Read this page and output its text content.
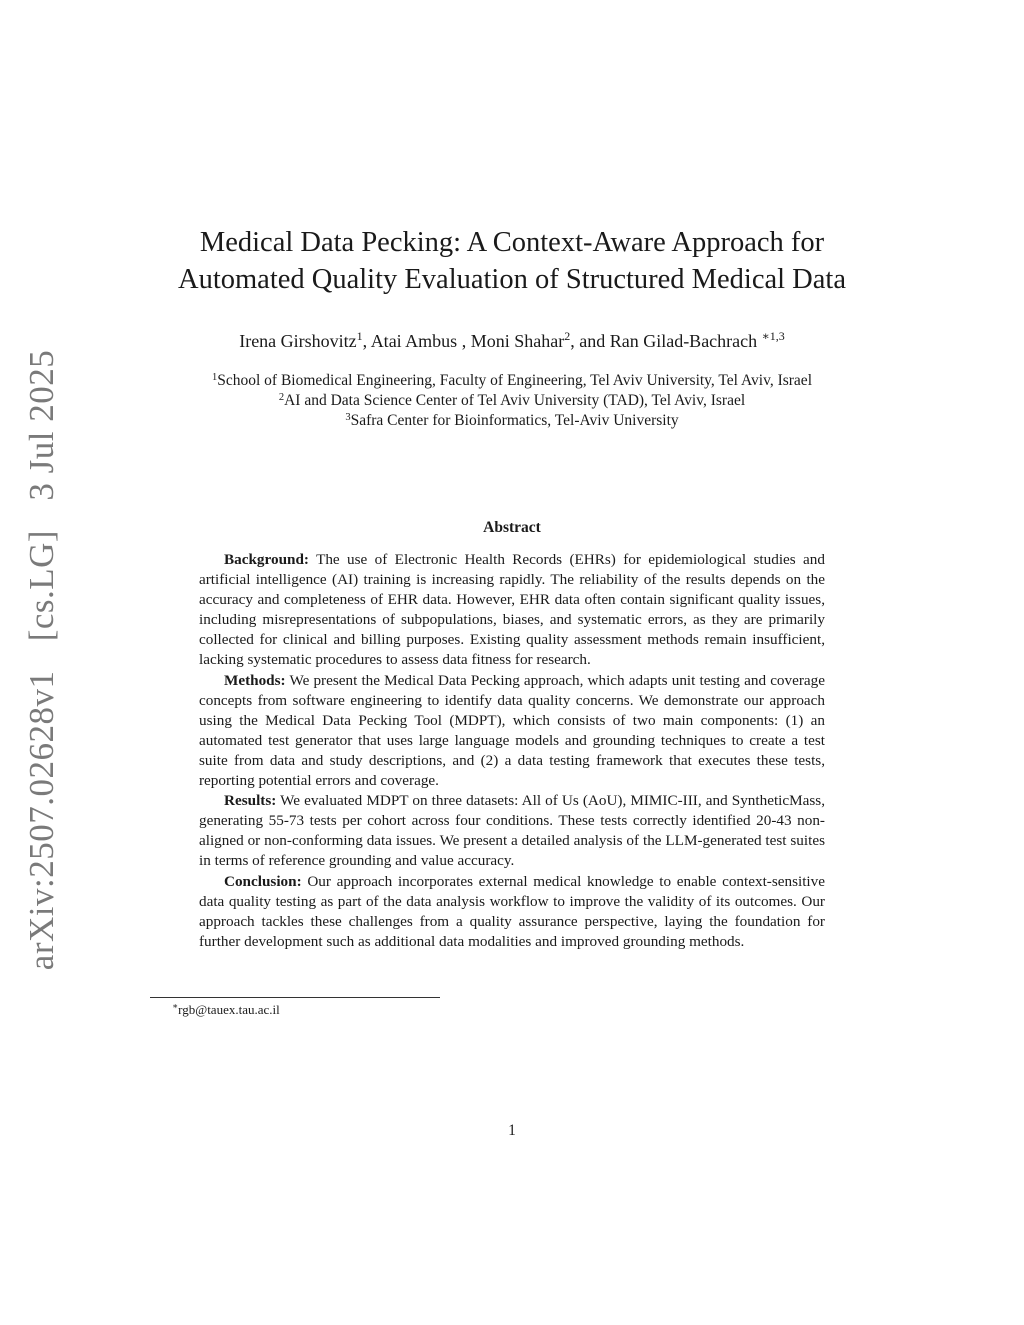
arXiv:2507.02628v1 [cs.LG] 3 Jul 2025
Medical Data Pecking: A Context-Aware Approach for
Automated Quality Evaluation of Structured Medical Data
Irena Girshovitz$^1$, Atai Ambus , Moni Shahar$^2$, and Ran Gilad-Bachrach $^{∗1,3}$
$^1$School of Biomedical Engineering, Faculty of Engineering, Tel Aviv University, Tel Aviv, Israel
$^2$AI and Data Science Center of Tel Aviv University (TAD), Tel Aviv, Israel
$^3$Safra Center for Bioinformatics, Tel-Aviv University
Abstract

Background: The use of Electronic Health Records (EHRs) for epidemiological studies and artificial intelligence (AI) training is increasing rapidly. The reliability of the results depends on the accuracy and completeness of EHR data. However, EHR data often contain significant quality issues, including misrepresentations of subpopulations, biases, and systematic errors, as they are primarily collected for clinical and billing purposes. Existing quality assessment methods remain insufficient, lacking systematic procedures to assess data fitness for research.

Methods: We present the Medical Data Pecking approach, which adapts unit testing and coverage concepts from software engineering to identify data quality concerns. We demonstrate our approach using the Medical Data Pecking Tool (MDPT), which consists of two main components: (1) an automated test generator that uses large language models and grounding techniques to create a test suite from data and study descriptions, and (2) a data testing framework that executes these tests, reporting potential errors and coverage.

Results: We evaluated MDPT on three datasets: All of Us (AoU), MIMIC-III, and SyntheticMass, generating 55-73 tests per cohort across four conditions. These tests correctly identified 20-43 non-aligned or non-conforming data issues. We present a detailed analysis of the LLM-generated test suites in terms of reference grounding and value accuracy.

Conclusion: Our approach incorporates external medical knowledge to enable context-sensitive data quality testing as part of the data analysis workflow to improve the validity of its outcomes. Our approach tackles these challenges from a quality assurance perspective, laying the foundation for further development such as additional data modalities and improved grounding methods.

∗rgb@tauex.tau.ac.il
1
